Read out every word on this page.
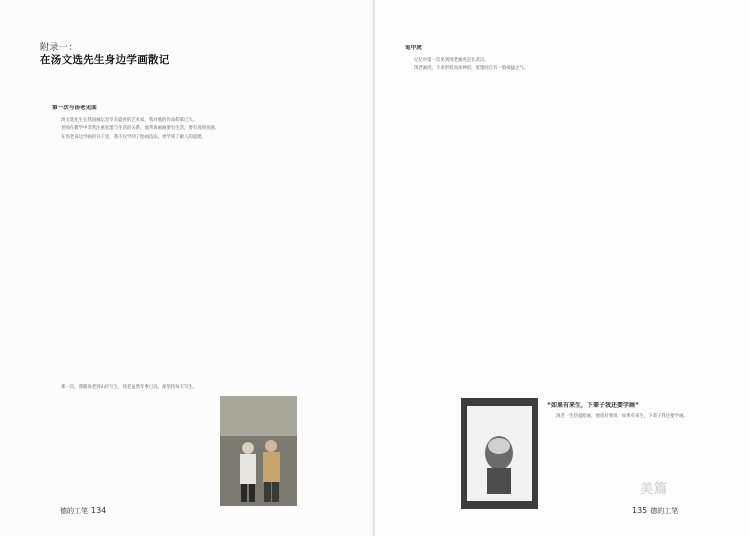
附录一：
在汤文选先生身边学画散记
第一次与汤老见面

汤文选先生在我国画坛是享有盛誉的艺术家，我对他的作品仰慕已久。

老师在教学中非常注重笔墨与生活的关系，他常说画画要有生活，要有真情实感。

在汤老身边学画的日子里，我不仅学到了绘画技法，更学到了做人的道理。

那一次，我随汤老到山区写生，汤老虽然年事已高，却坚持每天写生。

德的工笔 134
笔中虎

记忆中第一次见到汤老画虎是在武汉。

汤老画虎，不求形似而求神似，笔墨间自有一股威猛之气。

“如果有来生，下辈子我还要学画”

汤老一生热爱绘画，他曾对我说：如果有来生，下辈子我还要学画。

135 德的工笔
美篇
